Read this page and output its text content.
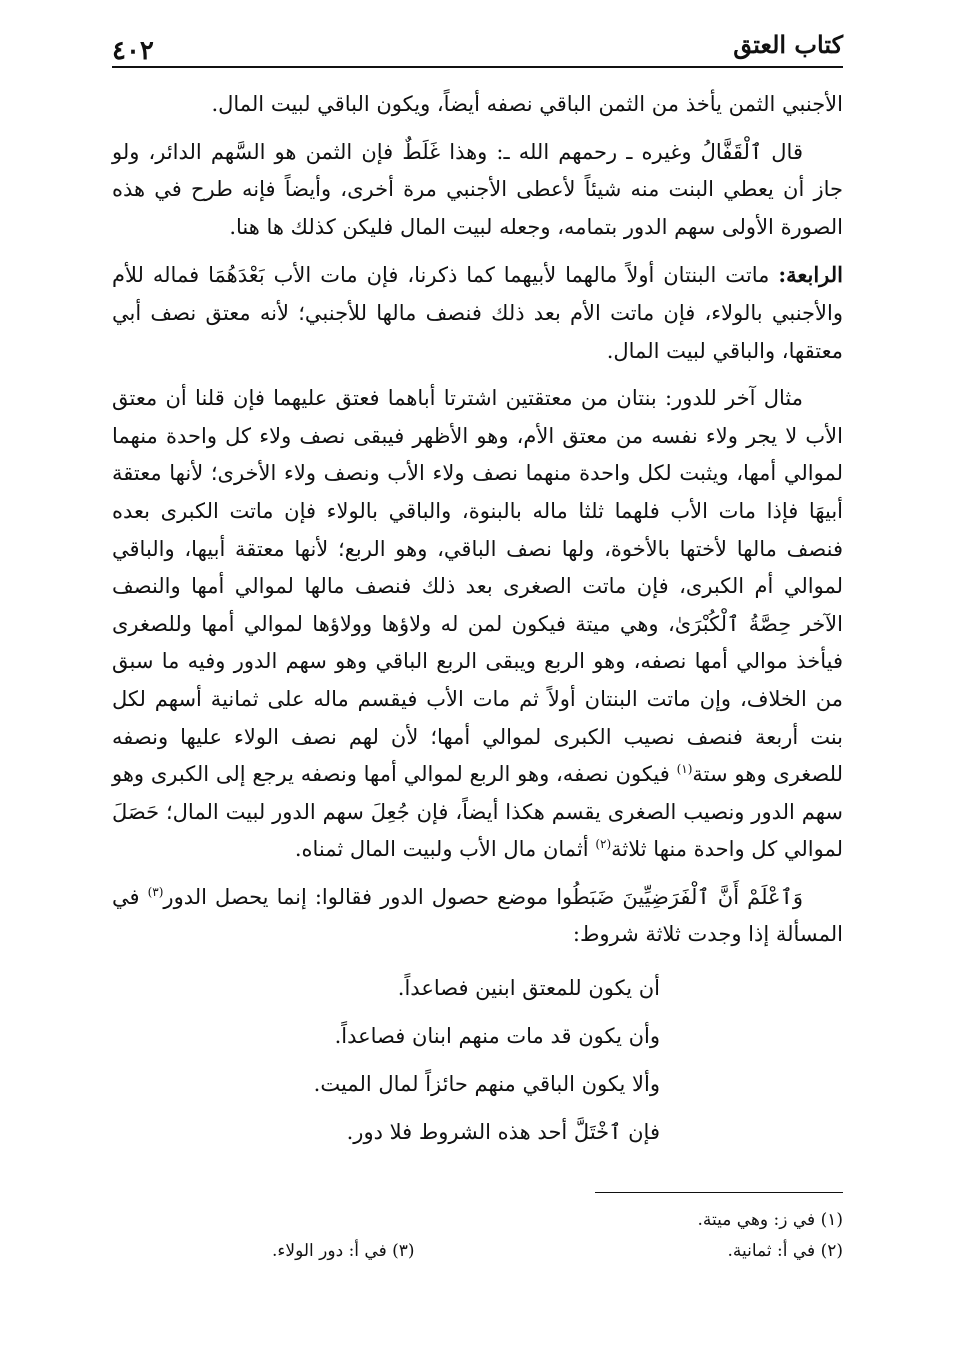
كتاب العتق
٤٠٢

الأجنبي الثمن يأخذ من الثمن الباقي نصفه أيضاً، ويكون الباقي لبيت المال.

قال ٱلْقَفَّالُ وغيره ـ رحمهم الله ـ: وهذا غَلَطٌ فإن الثمن هو السَّهم الدائر، ولو جاز أن يعطي البنت منه شيئاً لأعطى الأجنبي مرة أخرى، وأيضاً فإنه طرح في هذه الصورة الأولى سهم الدور بتمامه، وجعله لبيت المال فليكن كذلك ها هنا.

الرابعة: ماتت البنتان أولاً مالهما لأبيهما كما ذكرنا، فإن مات الأب بَعْدَهُمَا فماله للأم والأجنبي بالولاء، فإن ماتت الأم بعد ذلك فنصف مالها للأجنبي؛ لأنه معتق نصف أبي معتقها، والباقي لبيت المال.

مثال آخر للدور: بنتان من معتقتين اشترتا أباهما فعتق عليهما فإن قلنا أن معتق الأب لا يجر ولاء نفسه من معتق الأم، وهو الأظهر فيبقى نصف ولاء كل واحدة منهما لموالي أمها، ويثبت لكل واحدة منهما نصف ولاء الأب ونصف ولاء الأخرى؛ لأنها معتقة أبيهَا فإذا مات الأب فلهما ثلثا ماله بالبنوة، والباقي بالولاء فإن ماتت الكبرى بعده فنصف مالها لأختها بالأخوة، ولها نصف الباقي، وهو الربع؛ لأنها معتقة أبيها، والباقي لموالي أم الكبرى، فإن ماتت الصغرى بعد ذلك فنصف مالها لموالي أمها والنصف الآخر حِصَّةُ ٱلْكُبْرَىٰ، وهي ميتة فيكون لمن له ولاؤها وولاؤها لموالي أمها وللصغرى فيأخذ موالي أمها نصفه، وهو الربع ويبقى الربع الباقي وهو سهم الدور وفيه ما سبق من الخلاف، وإن ماتت البنتان أولاً ثم مات الأب فيقسم ماله على ثمانية أسهم لكل بنت أربعة فنصف نصيب الكبرى لموالي أمها؛ لأن لهم نصف الولاء عليها ونصفه للصغرى وهو ستة$^{(١)}$ فيكون نصفه، وهو الربع لموالي أمها ونصفه يرجع إلى الكبرى وهو سهم الدور ونصيب الصغرى يقسم هكذا أيضاً، فإن جُعِلَ سهم الدور لبيت المال؛ حَصَلَ لموالي كل واحدة منها ثلاثة$^{(٢)}$ أثمان مال الأب ولبيت المال ثمناه.

وَٱعْلَمْ أَنَّ ٱلْفَرَضِيِّينَ ضَبَطُوا موضع حصول الدور فقالوا: إنما يحصل الدور$^{(٣)}$ في المسألة إذا وجدت ثلاثة شروط:

أن يكون للمعتق ابنين فصاعداً.

وأن يكون قد مات منهم ابنان فصاعداً.

وألا يكون الباقي منهم حائزاً لمال الميت.

فإن ٱخْتَلَّ أحد هذه الشروط فلا دور.

(١) في ز: وهي ميتة.
(٢) في أ: ثمانية.
(٣) في أ: دور الولاء.
